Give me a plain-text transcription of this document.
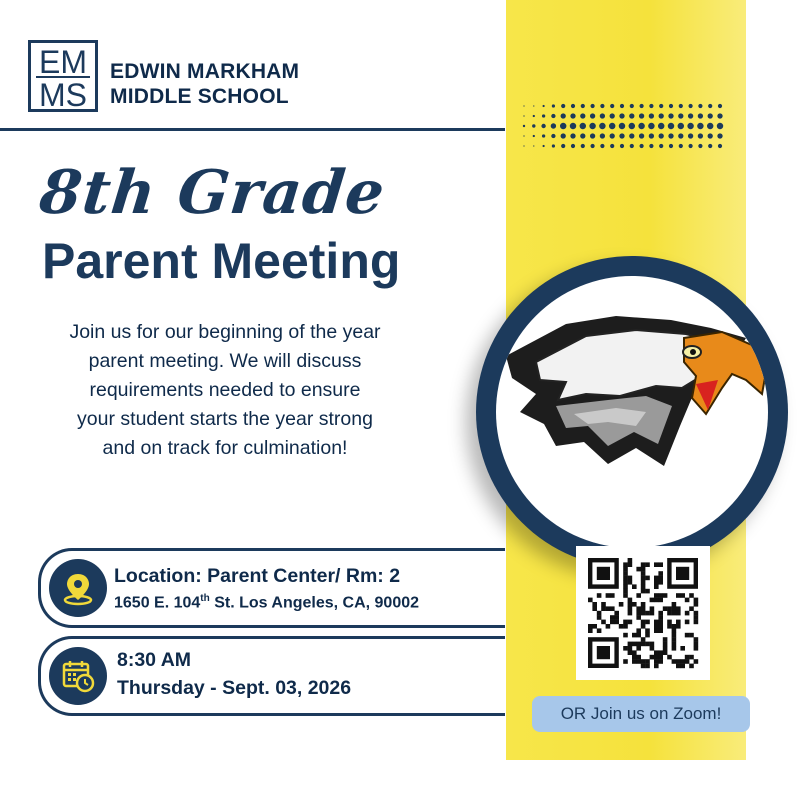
EM
MS
EDWIN MARKHAM
MIDDLE SCHOOL
8th Grade
Parent Meeting
Join us for our beginning of the year
parent meeting. We will discuss
requirements needed to ensure
your student starts the year strong
and on track for culmination!
Location: Parent Center/ Rm: 2
1650 E. 104th St. Los Angeles, CA, 90002
8:30 AM
Thursday - Sept. 03, 2026
OR Join us on Zoom!
